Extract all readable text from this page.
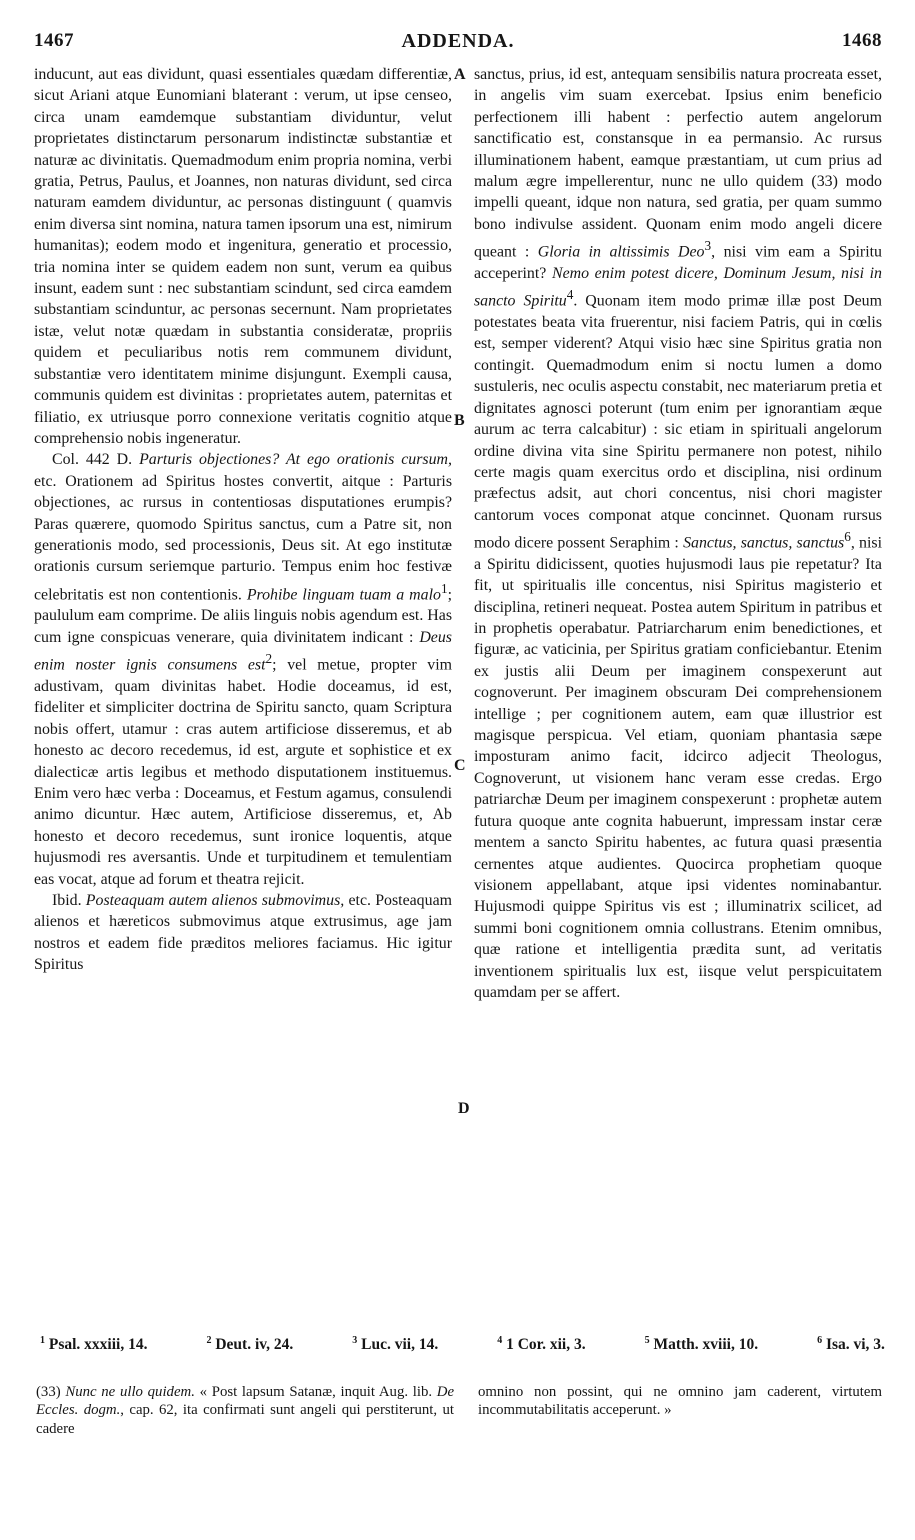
1467	ADDENDA.	1468

inducunt, aut eas dividunt, quasi essentiales quædam differentiæ, sicut Ariani atque Eunomiani blaterant : verum, ut ipse censeo, circa unam eamdemque substantiam dividuntur, velut proprietates distinctarum personarum indistinctæ substantiæ et naturæ ac divinitatis. Quemadmodum enim propria nomina, verbi gratia, Petrus, Paulus, et Joannes, non naturas dividunt, sed circa naturam eamdem dividuntur, ac personas distinguunt ( quamvis enim diversa sint nomina, natura tamen ipsorum una est, nimirum humanitas); eodem modo et ingenitura, generatio et processio, tria nomina inter se quidem eadem non sunt, verum ea quibus insunt, eadem sunt : nec substantiam scindunt, sed circa eamdem substantiam scinduntur, ac personas secernunt. Nam proprietates istæ, velut notæ quædam in substantia consideratæ, propriis quidem et peculiaribus notis rem communem dividunt, substantiæ vero identitatem minime disjungunt. Exempli causa, communis quidem est divinitas : proprietates autem, paternitas et filiatio, ex utriusque porro connexione veritatis cognitio atque comprehensio nobis ingeneratur.

Col. 442 D. Parturis objectiones? At ego orationis cursum, etc. Orationem ad Spiritus hostes convertit, aitque : Parturis objectiones, ac rursus in contentiosas disputationes erumpis? Paras quærere, quomodo Spiritus sanctus, cum a Patre sit, non generationis modo, sed processionis, Deus sit. At ego institutæ orationis cursum seriemque parturio. Tempus enim hoc festivæ celebritatis est non contentionis. Prohibe linguam tuam a malo$^1$; paululum eam comprime. De aliis linguis nobis agendum est. Has cum igne conspicuas venerare, quia divinitatem indicant : Deus enim noster ignis consumens est$^2$; vel metue, propter vim adustivam, quam divinitas habet. Hodie doceamus, id est, fideliter et simpliciter doctrina de Spiritu sancto, quam Scriptura nobis offert, utamur : cras autem artificiose disseremus, et ab honesto ac decoro recedemus, id est, argute et sophistice et ex dialecticæ artis legibus et methodo disputationem instituemus. Enim vero hæc verba : Doceamus, et Festum agamus, consulendi animo dicuntur. Hæc autem, Artificiose disseremus, et, Ab honesto et decoro recedemus, sunt ironice loquentis, atque hujusmodi res aversantis. Unde et turpitudinem et temulentiam eas vocat, atque ad forum et theatra rejicit.

Ibid. Posteaquam autem alienos submovimus, etc. Posteaquam alienos et hæreticos submovimus atque extrusimus, age jam nostros et eadem fide præditos meliores faciamus. Hic igitur Spiritus

sanctus, prius, id est, antequam sensibilis natura procreata esset, in angelis vim suam exercebat. Ipsius enim beneficio perfectionem illi habent : perfectio autem angelorum sanctificatio est, constansque in ea permansio. Ac rursus illuminationem habent, eamque præstantiam, ut cum prius ad malum ægre impellerentur, nunc ne ullo quidem (33) modo impelli queant, idque non natura, sed gratia, per quam summo bono indivulse assident. Quonam enim modo angeli dicere queant : Gloria in altissimis Deo$^3$, nisi vim eam a Spiritu acceperint? Nemo enim potest dicere, Dominum Jesum, nisi in sancto Spiritu$^4$. Quonam item modo primæ illæ post Deum potestates beata vita fruerentur, nisi faciem Patris, qui in cœlis est, semper viderent? Atqui visio hæc sine Spiritus gratia non contingit. Quemadmodum enim si noctu lumen a domo sustuleris, nec oculis aspectu constabit, nec materiarum pretia et dignitates agnosci poterunt (tum enim per ignorantiam æque aurum ac terra calcabitur) : sic etiam in spirituali angelorum ordine divina vita sine Spiritu permanere non potest, nihilo certe magis quam exercitus ordo et disciplina, nisi ordinum præfectus adsit, aut chori concentus, nisi chori magister cantorum voces componat atque concinnet. Quonam rursus modo dicere possent Seraphim : Sanctus, sanctus, sanctus$^6$, nisi a Spiritu didicissent, quoties hujusmodi laus pie repetatur? Ita fit, ut spiritualis ille concentus, nisi Spiritus magisterio et disciplina, retineri nequeat. Postea autem Spiritum in patribus et in prophetis operabatur. Patriarcharum enim benedictiones, et figuræ, ac vaticinia, per Spiritus gratiam conficiebantur. Etenim ex justis alii Deum per imaginem conspexerunt aut cognoverunt. Per imaginem obscuram Dei comprehensionem intellige ; per cognitionem autem, eam quæ illustrior est magisque perspicua. Vel etiam, quoniam phantasia sæpe imposturam animo facit, idcirco adjecit Theologus, Cognoverunt, ut visionem hanc veram esse credas. Ergo patriarchæ Deum per imaginem conspexerunt : prophetæ autem futura quoque ante cognita habuerunt, impressam instar ceræ mentem a sancto Spiritu habentes, ac futura quasi præsentia cernentes atque audientes. Quocirca prophetiam quoque visionem appellabant, atque ipsi videntes nominabantur. Hujusmodi quippe Spiritus vis est ; illuminatrix scilicet, ad summi boni cognitionem omnia collustrans. Etenim omnibus, quæ ratione et intelligentia prædita sunt, ad veritatis inventionem spiritualis lux est, iisque velut perspicuitatem quamdam per se affert.

A
B
C
D
$^1$ Psal. xxxiii, 14.	$^2$ Deut. iv, 24.	$^3$ Luc. vii, 14.	$^4$ 1 Cor. xii, 3.	$^5$ Matth. xviii, 10.	$^6$ Isa. vi, 3.
(33) Nunc ne ullo quidem. « Post lapsum Satanæ, inquit Aug. lib. De Eccles. dogm., cap. 62, ita confirmati sunt angeli qui perstiterunt, ut cadere
omnino non possint, qui ne omnino jam caderent, virtutem incommutabilitatis acceperunt. »
